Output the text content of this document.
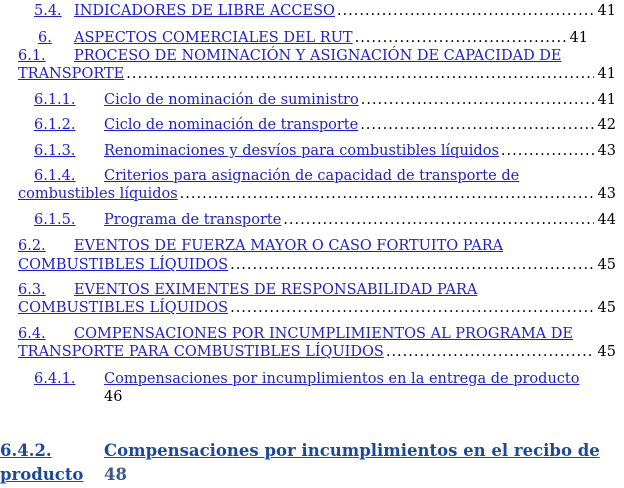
5.4. INDICADORES DE LIBRE ACCESO .....	41
6. ASPECTOS COMERCIALES DEL RUT .....	41
6.1. PROCESO DE NOMINACIÓN Y ASIGNACIÓN DE CAPACIDAD DE
TRANSPORTE .....	41
6.1.1. Ciclo de nominación de suministro .....	41
6.1.2. Ciclo de nominación de transporte .....	42
6.1.3. Renominaciones y desvíos para combustibles líquidos .....	43
6.1.4. Criterios para asignación de capacidad de transporte de
combustibles líquidos .....	43
6.1.5. Programa de transporte .....	44
6.2. EVENTOS DE FUERZA MAYOR O CASO FORTUITO PARA
COMBUSTIBLES LÍQUIDOS .....	45
6.3. EVENTOS EXIMENTES DE RESPONSABILIDAD PARA
COMBUSTIBLES LÍQUIDOS .....	45
6.4. COMPENSACIONES POR INCUMPLIMIENTOS AL PROGRAMA DE
TRANSPORTE PARA COMBUSTIBLES LÍQUIDOS .....	45
6.4.1. Compensaciones por incumplimientos en la entrega de producto
46
6.4.2.	Compensaciones por incumplimientos en el recibo de
producto 48
